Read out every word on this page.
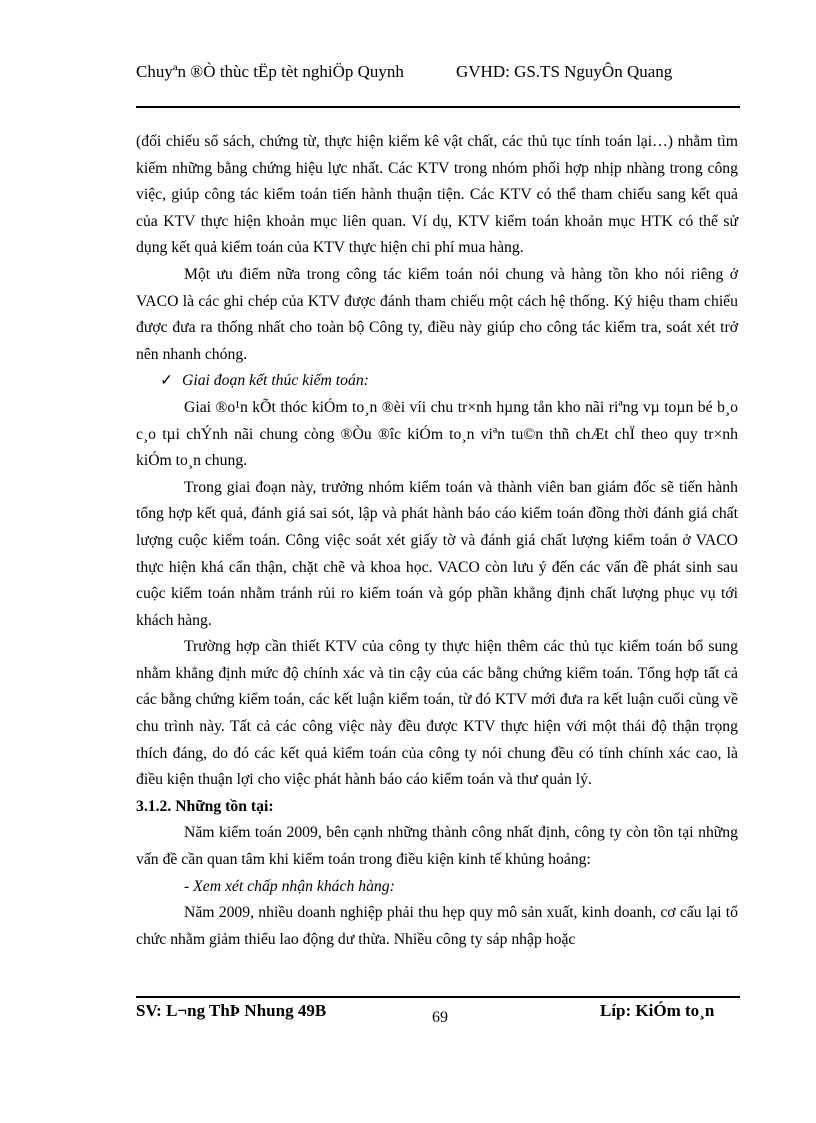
Chuyªn ®Ò thùc tËp tèt nghiÖp Quynh	GVHD: GS.TS NguyÔn Quang

(đối chiếu sổ sách, chứng từ, thực hiện kiểm kê vật chất, các thủ tục tính toán lại…) nhằm tìm kiếm những bằng chứng hiệu lực nhất. Các KTV trong nhóm phối hợp nhịp nhàng trong công việc, giúp công tác kiểm toán tiến hành thuận tiện. Các KTV có thể tham chiếu sang kết quả của KTV thực hiện khoản mục liên quan. Ví dụ, KTV kiểm toán khoản mục HTK có thể sử dụng kết quả kiểm toán của KTV thực hiện chi phí mua hàng.

Một ưu điểm nữa trong công tác kiểm toán nói chung và hàng tồn kho nói riêng ở VACO là các ghi chép của KTV được đánh tham chiếu một cách hệ thống. Ký hiệu tham chiếu được đưa ra thống nhất cho toàn bộ Công ty, điều này giúp cho công tác kiểm tra, soát xét trở nên nhanh chóng.

✓ Giai đoạn kết thúc kiểm toán:

Giai ®o¹n kÕt thóc kiÓm to¸n ®èi víi chu tr×nh hµng tån kho nãi riªng vµ toµn bé b¸o c¸o tµi chÝnh nãi chung còng ®Òu ®îc kiÓm to¸n viªn tu©n thñ chÆt chÏ theo quy tr×nh kiÓm to¸n chung.

Trong giai đoạn này, trưởng nhóm kiểm toán và thành viên ban giám đốc sẽ tiến hành tổng hợp kết quả, đánh giá sai sót, lập và phát hành báo cáo kiểm toán đồng thời đánh giá chất lượng cuộc kiểm toán. Công việc soát xét giấy tờ và đánh giá chất lượng kiểm toán ở VACO thực hiện khá cẩn thận, chặt chẽ và khoa học. VACO còn lưu ý đến các vấn đề phát sinh sau cuộc kiểm toán nhằm tránh rủi ro kiểm toán và góp phần khẳng định chất lượng phục vụ tới khách hàng.

Trường hợp cần thiết KTV của công ty thực hiện thêm các thủ tục kiểm toán bổ sung nhằm khẳng định mức độ chính xác và tin cậy của các bằng chứng kiểm toán. Tổng hợp tất cả các bằng chứng kiểm toán, các kết luận kiểm toán, từ đó KTV mới đưa ra kết luận cuối cùng về chu trình này. Tất cả các công việc này đều được KTV thực hiện với một thái độ thận trọng thích đáng, do đó các kết quả kiểm toán của công ty nói chung đều có tính chính xác cao, là điều kiện thuận lợi cho việc phát hành báo cáo kiểm toán và thư quản lý.

3.1.2. Những tồn tại:

Năm kiểm toán 2009, bên cạnh những thành công nhất định, công ty còn tồn tại những vấn đề cần quan tâm khi kiểm toán trong điều kiện kinh tế khủng hoảng:

- Xem xét chấp nhận khách hàng:

Năm 2009, nhiều doanh nghiệp phải thu hẹp quy mô sản xuất, kinh doanh, cơ cấu lại tổ chức nhằm giảm thiểu lao động dư thừa. Nhiều công ty sáp nhập hoặc

SV: L¬ng ThÞ Nhung 49B	69	Líp: KiÓm to¸n
